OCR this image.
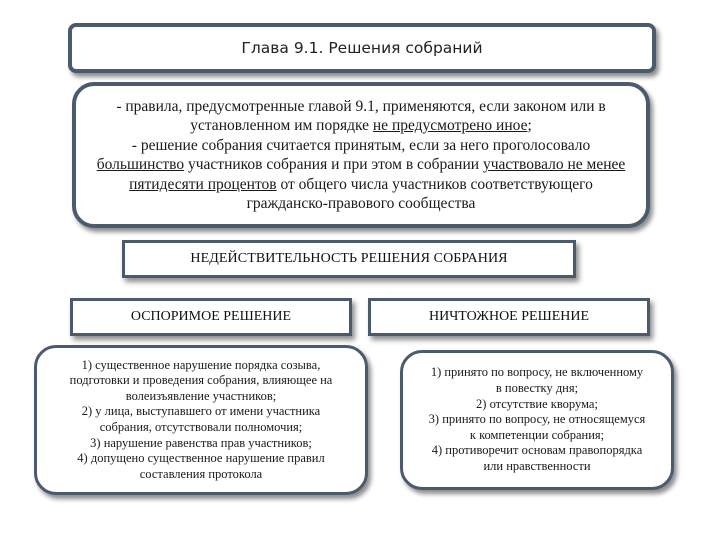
Глава 9.1. Решения собраний
- правила, предусмотренные главой 9.1, применяются, если законом или в установленном им порядке не предусмотрено иное;
- решение собрания считается принятым, если за него проголосовало большинство участников собрания и при этом в собрании участвовало не менее пятидесяти процентов от общего числа участников соответствующего гражданско-правового сообщества
НЕДЕЙСТВИТЕЛЬНОСТЬ РЕШЕНИЯ СОБРАНИЯ
ОСПОРИМОЕ РЕШЕНИЕ	НИЧТОЖНОЕ РЕШЕНИЕ
1) существенное нарушение порядка созыва,
подготовки и проведения собрания, влияющее на
волеизъявление участников;
2) у лица, выступавшего от имени участника
собрания, отсутствовали полномочия;
3) нарушение равенства прав участников;
4) допущено существенное нарушение правил
составления протокола
1) принято по вопросу, не включенному
в повестку дня;
2) отсутствие кворума;
3) принято по вопросу, не относящемуся
к компетенции собрания;
4) противоречит основам правопорядка
или нравственности
